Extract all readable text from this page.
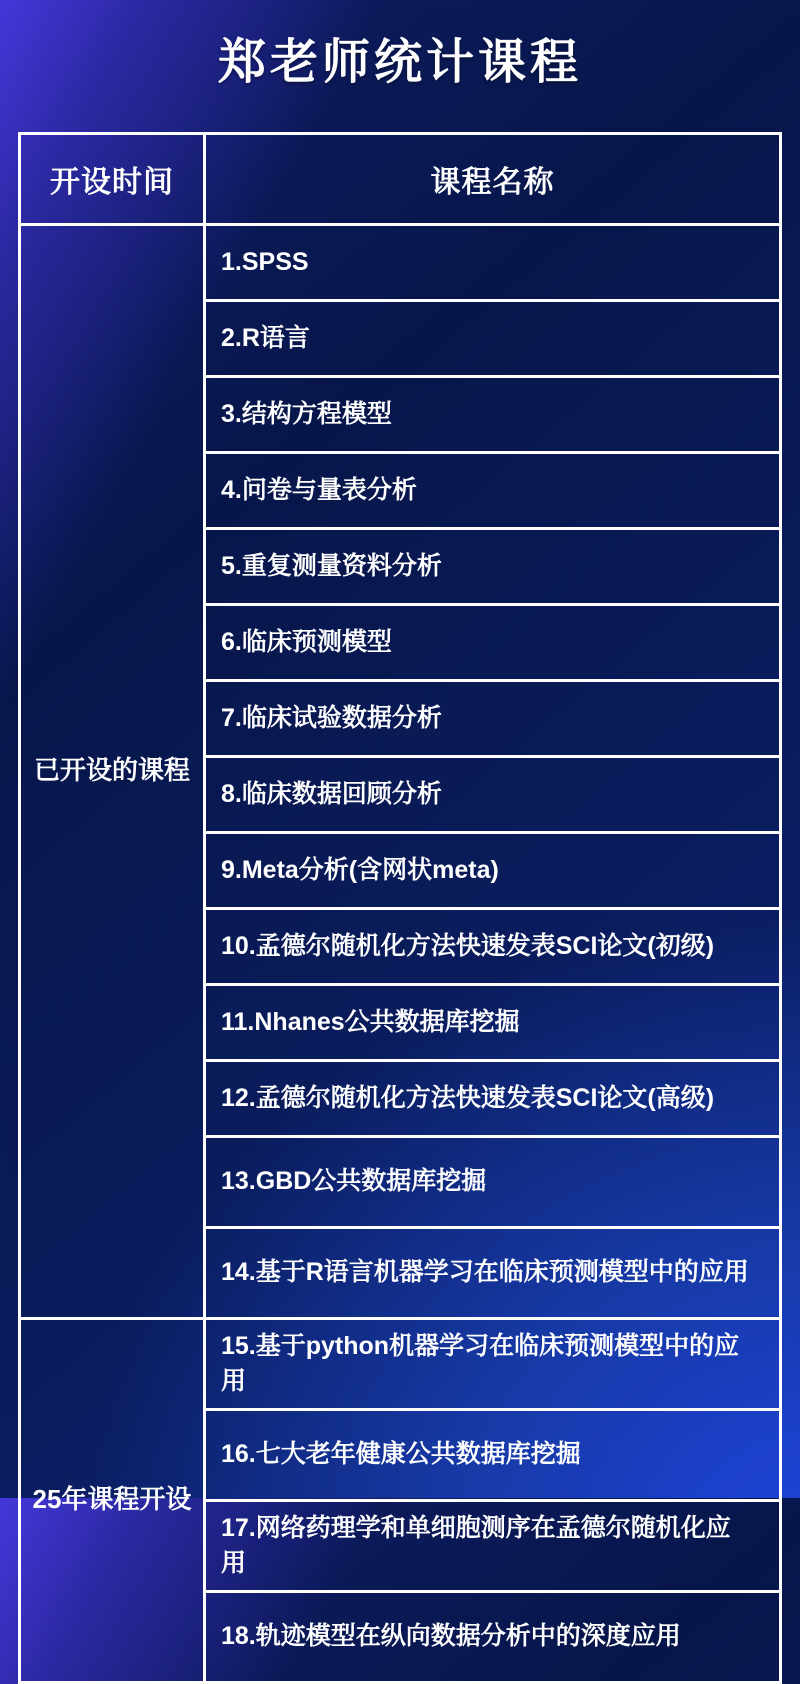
郑老师统计课程
开设时间	课程名称
已开设的课程	1.SPSS
	2.R语言
	3.结构方程模型
	4.问卷与量表分析
	5.重复测量资料分析
	6.临床预测模型
	7.临床试验数据分析
	8.临床数据回顾分析
	9.Meta分析(含网状meta)
	10.孟德尔随机化方法快速发表SCI论文(初级)
	11.Nhanes公共数据库挖掘
	12.孟德尔随机化方法快速发表SCI论文(高级)
	13.GBD公共数据库挖掘
	14.基于R语言机器学习在临床预测模型中的应用
25年课程开设	15.基于python机器学习在临床预测模型中的应用
	16.七大老年健康公共数据库挖掘
	17.网络药理学和单细胞测序在孟德尔随机化应用
	18.轨迹模型在纵向数据分析中的深度应用
